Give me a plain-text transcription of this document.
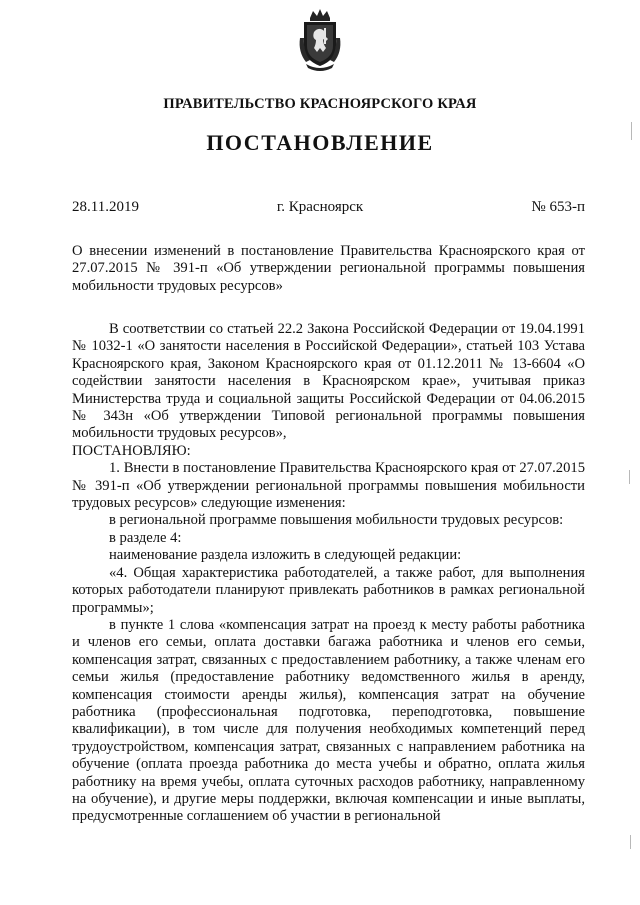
ПРАВИТЕЛЬСТВО КРАСНОЯРСКОГО КРАЯ
ПОСТАНОВЛЕНИЕ
28.11.2019	г. Красноярск	№ 653-п

О внесении изменений в постановление Правительства Красноярского края от 27.07.2015 № 391-п «Об утверждении региональной программы повышения мобильности трудовых ресурсов»

В соответствии со статьей 22.2 Закона Российской Федерации от 19.04.1991 № 1032-1 «О занятости населения в Российской Федерации», статьей 103 Устава Красноярского края, Законом Красноярского края от 01.12.2011 № 13-6604 «О содействии занятости населения в Красноярском крае», учитывая приказ Министерства труда и социальной защиты Российской Федерации от 04.06.2015 № 343н «Об утверждении Типовой региональной программы повышения мобильности трудовых ресурсов»,

ПОСТАНОВЛЯЮ:

1. Внести в постановление Правительства Красноярского края от 27.07.2015 № 391-п «Об утверждении региональной программы повышения мобильности трудовых ресурсов» следующие изменения:

в региональной программе повышения мобильности трудовых ресурсов:

в разделе 4:

наименование раздела изложить в следующей редакции:

«4. Общая характеристика работодателей, а также работ, для выполнения которых работодатели планируют привлекать работников в рамках региональной программы»;

в пункте 1 слова «компенсация затрат на проезд к месту работы работника и членов его семьи, оплата доставки багажа работника и членов его семьи, компенсация затрат, связанных с предоставлением работнику, а также членам его семьи жилья (предоставление работнику ведомственного жилья в аренду, компенсация стоимости аренды жилья), компенсация затрат на обучение работника (профессиональная подготовка, переподготовка, повышение квалификации), в том числе для получения необходимых компетенций перед трудоустройством, компенсация затрат, связанных с направлением работника на обучение (оплата проезда работника до места учебы и обратно, оплата жилья работнику на время учебы, оплата суточных расходов работнику, направленному на обучение), и другие меры поддержки, включая компенсации и иные выплаты, предусмотренные соглашением об участии в региональной
